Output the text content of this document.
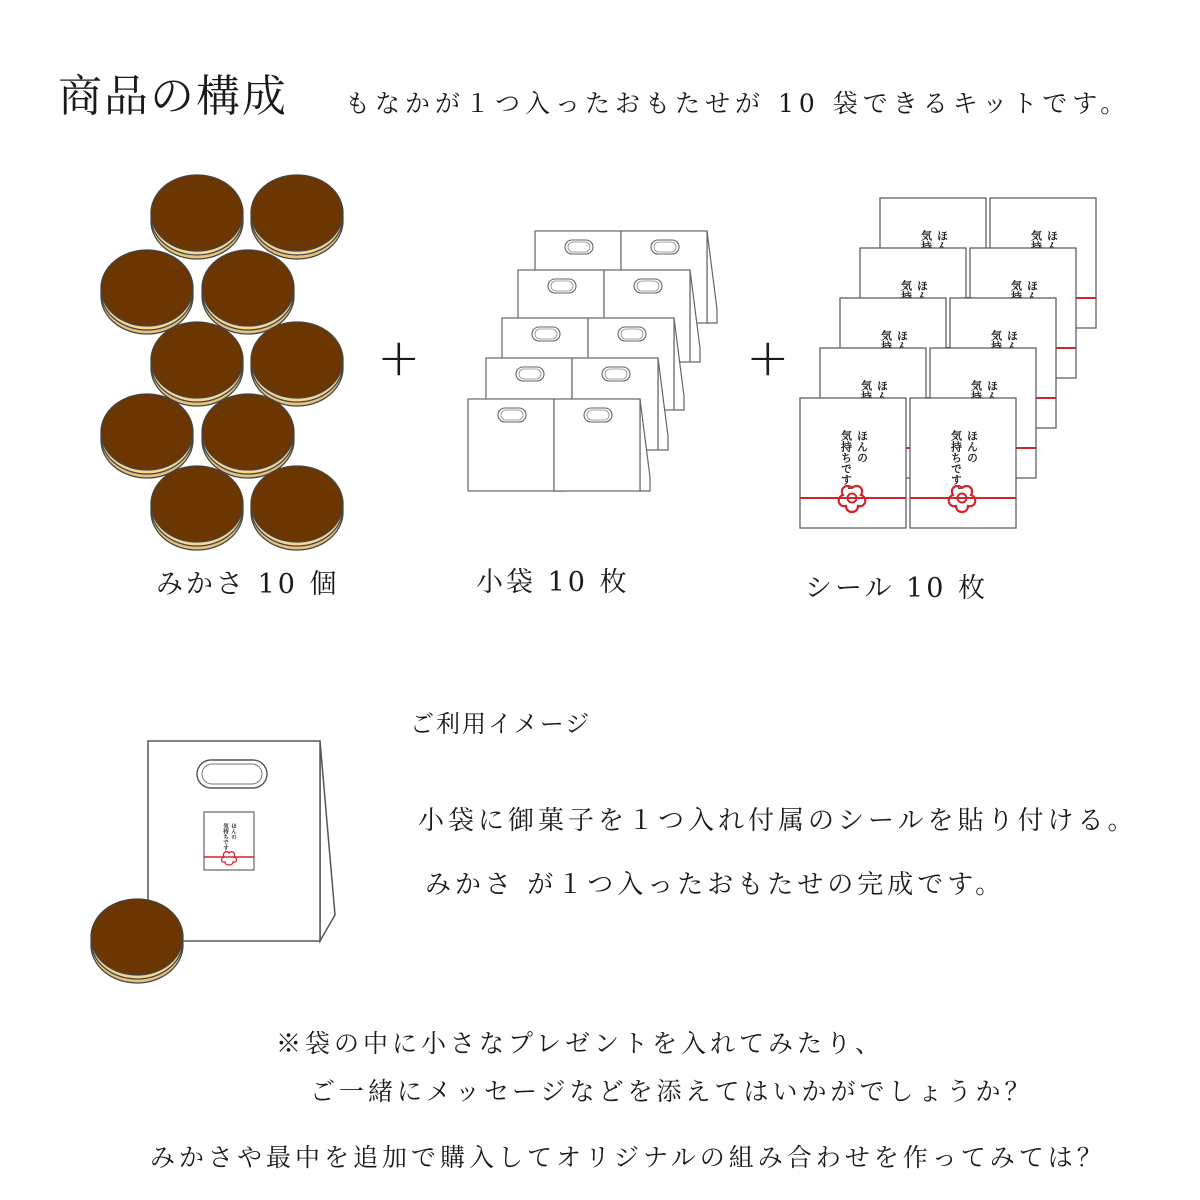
商品の構成 もなかが１つ入ったおもたせが 10 袋できるキットです。
+	+
ほんの
気持ちです。
みかさ 10 個	小袋 10 枚	シール 10 枚
ほんの
気持ちです。
ご利用イメージ
小袋に御菓子を１つ入れ付属のシールを貼り付ける。
みかさ が１つ入ったおもたせの完成です。
※袋の中に小さなプレゼントを入れてみたり、
ご一緒にメッセージなどを添えてはいかがでしょうか？
みかさや最中を追加で購入してオリジナルの組み合わせを作ってみては？
